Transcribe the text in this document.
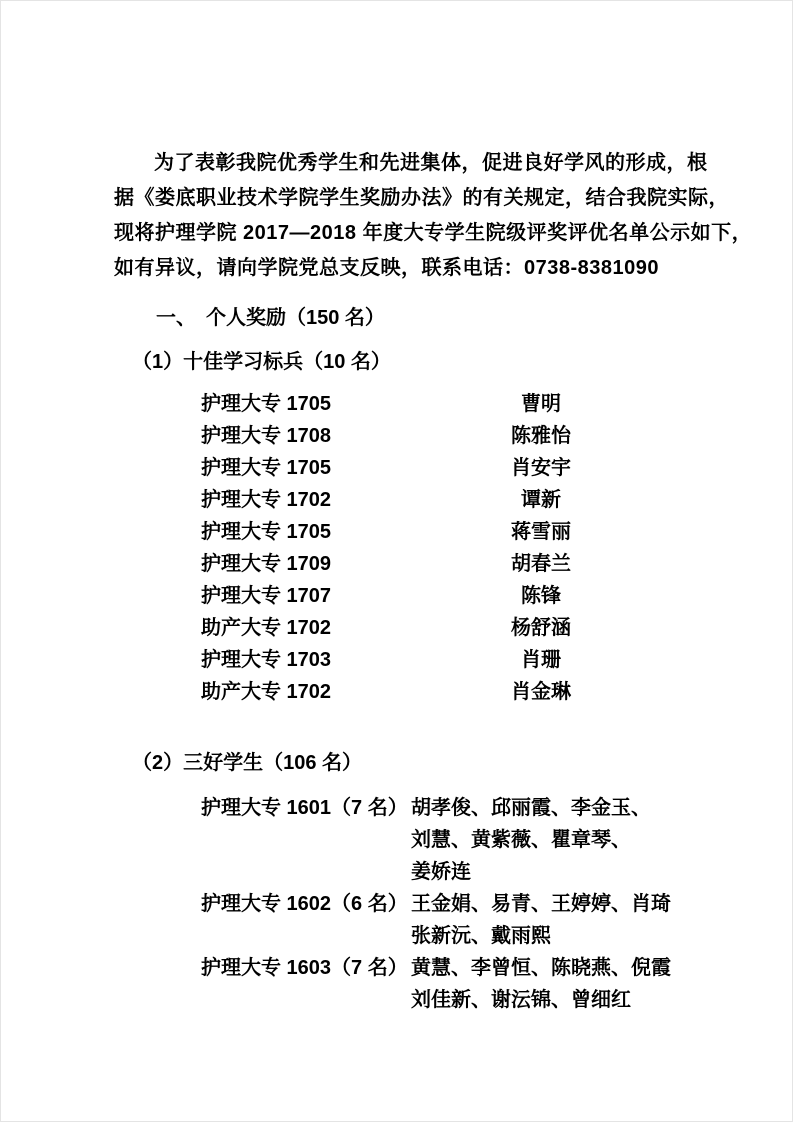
为了表彰我院优秀学生和先进集体，促进良好学风的形成，根
据《娄底职业技术学院学生奖励办法》的有关规定，结合我院实际，
现将护理学院 2017—2018 年度大专学生院级评奖评优名单公示如下，
如有异议，请向学院党总支反映，联系电话：0738-8381090
一、　个人奖励（150 名）
（1）十佳学习标兵（10 名）
护理大专 1705	曹明
护理大专 1708	陈雅怡
护理大专 1705	肖安宇
护理大专 1702	谭新
护理大专 1705	蒋雪丽
护理大专 1709	胡春兰
护理大专 1707	陈锋
助产大专 1702	杨舒涵
护理大专 1703	肖珊
助产大专 1702	肖金琳
（2）三好学生（106 名）
护理大专 1601（7 名） 胡孝俊、邱丽霞、李金玉、
刘慧、黄紫薇、瞿章琴、
姜娇连
护理大专 1602（6 名） 王金娟、易青、王婷婷、肖琦
张新沅、戴雨熙
护理大专 1603（7 名） 黄慧、李曾恒、陈晓燕、倪霞
刘佳新、谢沄锦、曾细红
